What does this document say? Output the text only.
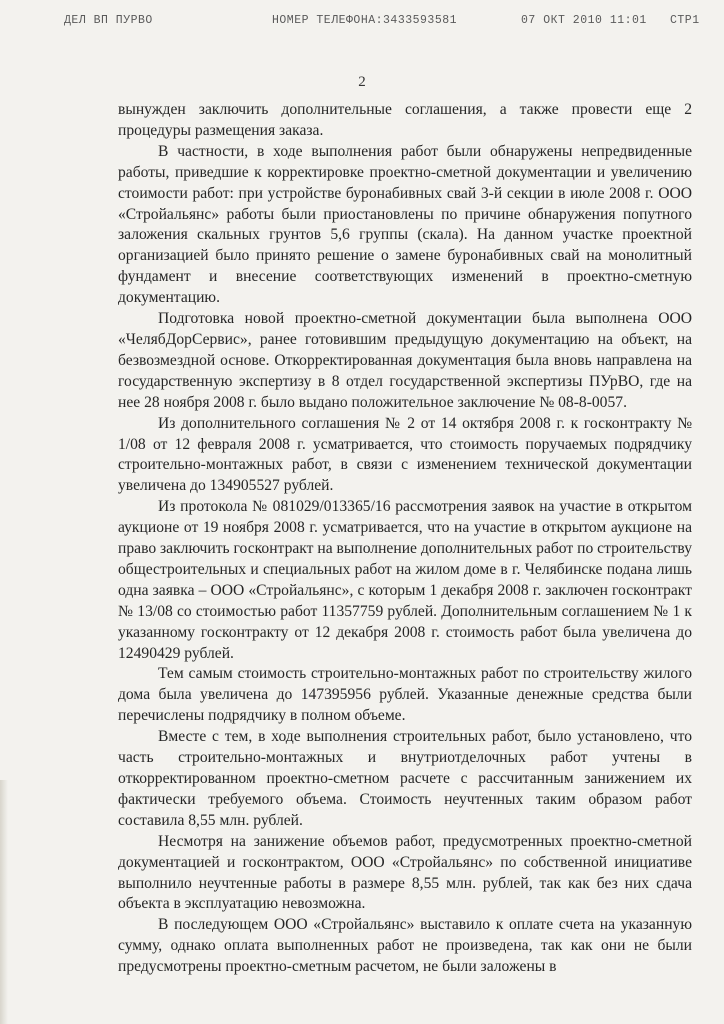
ДЕЛ ВП ПУРВО	НОМЕР ТЕЛЕФОНА:3433593581	07 ОКТ 2010 11:01 СТР1
2

вынужден заключить дополнительные соглашения, а также провести еще 2 процедуры размещения заказа.

В частности, в ходе выполнения работ были обнаружены непредвиденные работы, приведшие к корректировке проектно-сметной документации и увеличению стоимости работ: при устройстве буронабивных свай 3-й секции в июле 2008 г. ООО «Стройальянс» работы были приостановлены по причине обнаружения попутного заложения скальных грунтов 5,6 группы (скала). На данном участке проектной организацией было принято решение о замене буронабивных свай на монолитный фундамент и внесение соответствующих изменений в проектно-сметную документацию.

Подготовка новой проектно-сметной документации была выполнена ООО «ЧелябДорСервис», ранее готовившим предыдущую документацию на объект, на безвозмездной основе. Откорректированная документация была вновь направлена на государственную экспертизу в 8 отдел государственной экспертизы ПУрВО, где на нее 28 ноября 2008 г. было выдано положительное заключение № 08-8-0057.

Из дополнительного соглашения № 2 от 14 октября 2008 г. к госконтракту № 1/08 от 12 февраля 2008 г. усматривается, что стоимость поручаемых подрядчику строительно-монтажных работ, в связи с изменением технической документации увеличена до 134905527 рублей.

Из протокола № 081029/013365/16 рассмотрения заявок на участие в открытом аукционе от 19 ноября 2008 г. усматривается, что на участие в открытом аукционе на право заключить госконтракт на выполнение дополнительных работ по строительству общестроительных и специальных работ на жилом доме в г. Челябинске подана лишь одна заявка – ООО «Стройальянс», с которым 1 декабря 2008 г. заключен госконтракт № 13/08 со стоимостью работ 11357759 рублей. Дополнительным соглашением № 1 к указанному госконтракту от 12 декабря 2008 г. стоимость работ была увеличена до 12490429 рублей.

Тем самым стоимость строительно-монтажных работ по строительству жилого дома была увеличена до 147395956 рублей. Указанные денежные средства были перечислены подрядчику в полном объеме.

Вместе с тем, в ходе выполнения строительных работ, было установлено, что часть строительно-монтажных и внутриотделочных работ учтены в откорректированном проектно-сметном расчете с рассчитанным занижением их фактически требуемого объема. Стоимость неучтенных таким образом работ составила 8,55 млн. рублей.

Несмотря на занижение объемов работ, предусмотренных проектно-сметной документацией и госконтрактом, ООО «Стройальянс» по собственной инициативе выполнило неучтенные работы в размере 8,55 млн. рублей, так как без них сдача объекта в эксплуатацию невозможна.

В последующем ООО «Стройальянс» выставило к оплате счета на указанную сумму, однако оплата выполненных работ не произведена, так как они не были предусмотрены проектно-сметным расчетом, не были заложены в
